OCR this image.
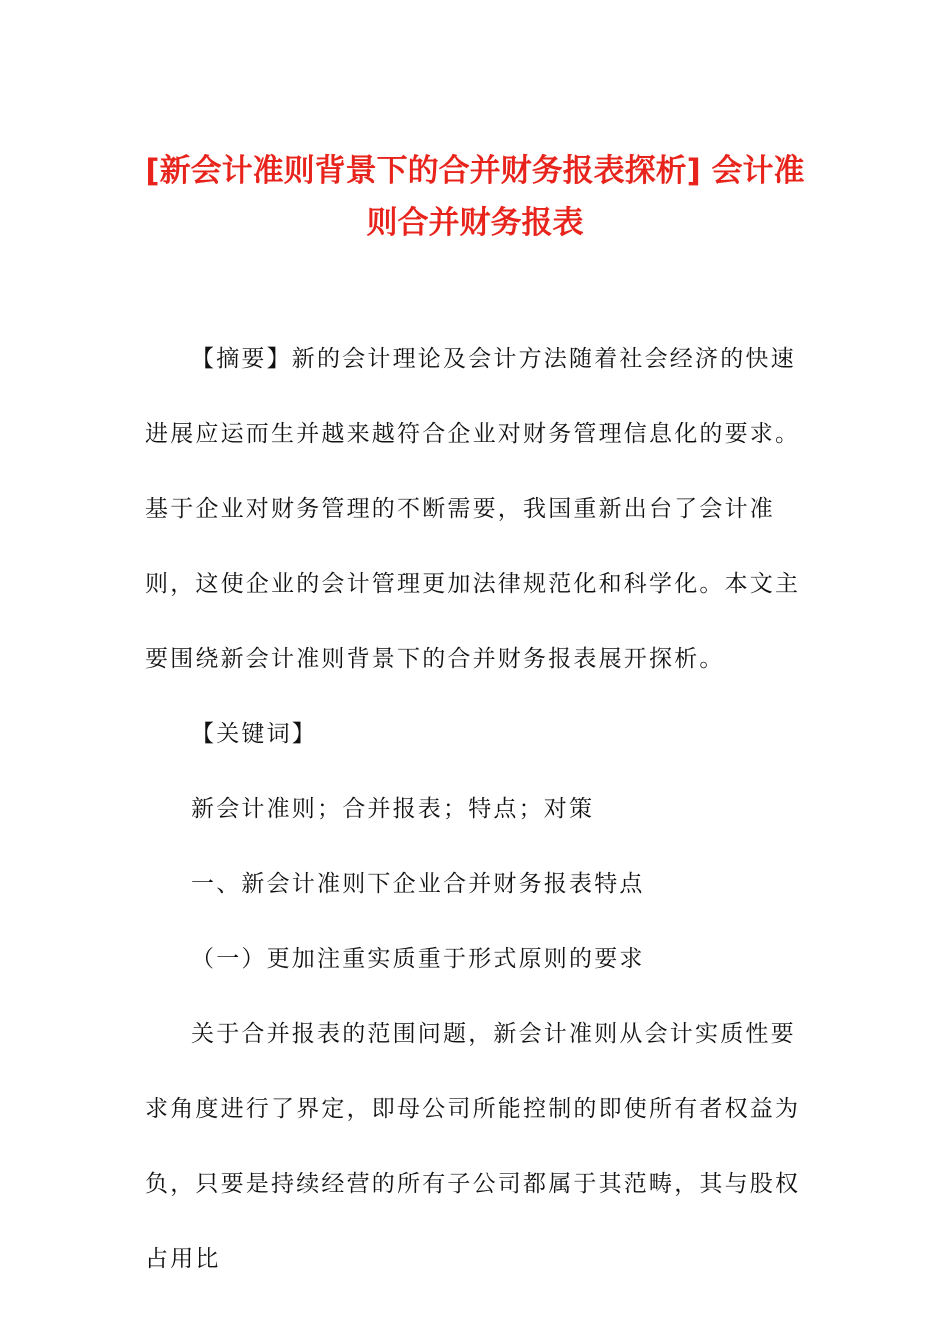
[新会计准则背景下的合并财务报表探析] 会计准则合并财务报表

【摘要】新的会计理论及会计方法随着社会经济的快速进展应运而生并越来越符合企业对财务管理信息化的要求。基于企业对财务管理的不断需要，我国重新出台了会计准则，这使企业的会计管理更加法律规范化和科学化。本文主要围绕新会计准则背景下的合并财务报表展开探析。

【关键词】

新会计准则；合并报表；特点；对策

一、新会计准则下企业合并财务报表特点

（一）更加注重实质重于形式原则的要求

关于合并报表的范围问题，新会计准则从会计实质性要求角度进行了界定，即母公司所能控制的即使所有者权益为负，只要是持续经营的所有子公司都属于其范畴，其与股权占用比
